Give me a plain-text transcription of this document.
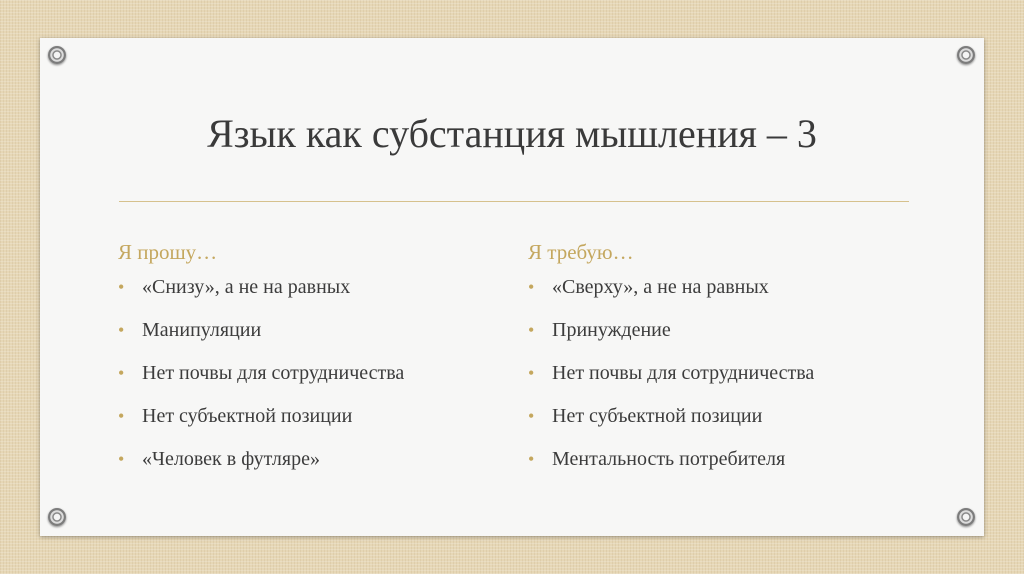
Язык как субстанция мышления – 3
Я прошу…
• «Снизу», а не на равных
• Манипуляции
• Нет почвы для сотрудничества
• Нет субъектной позиции
• «Человек в футляре»
Я требую…
• «Сверху», а не на равных
• Принуждение
• Нет почвы для сотрудничества
• Нет субъектной позиции
• Ментальность потребителя
